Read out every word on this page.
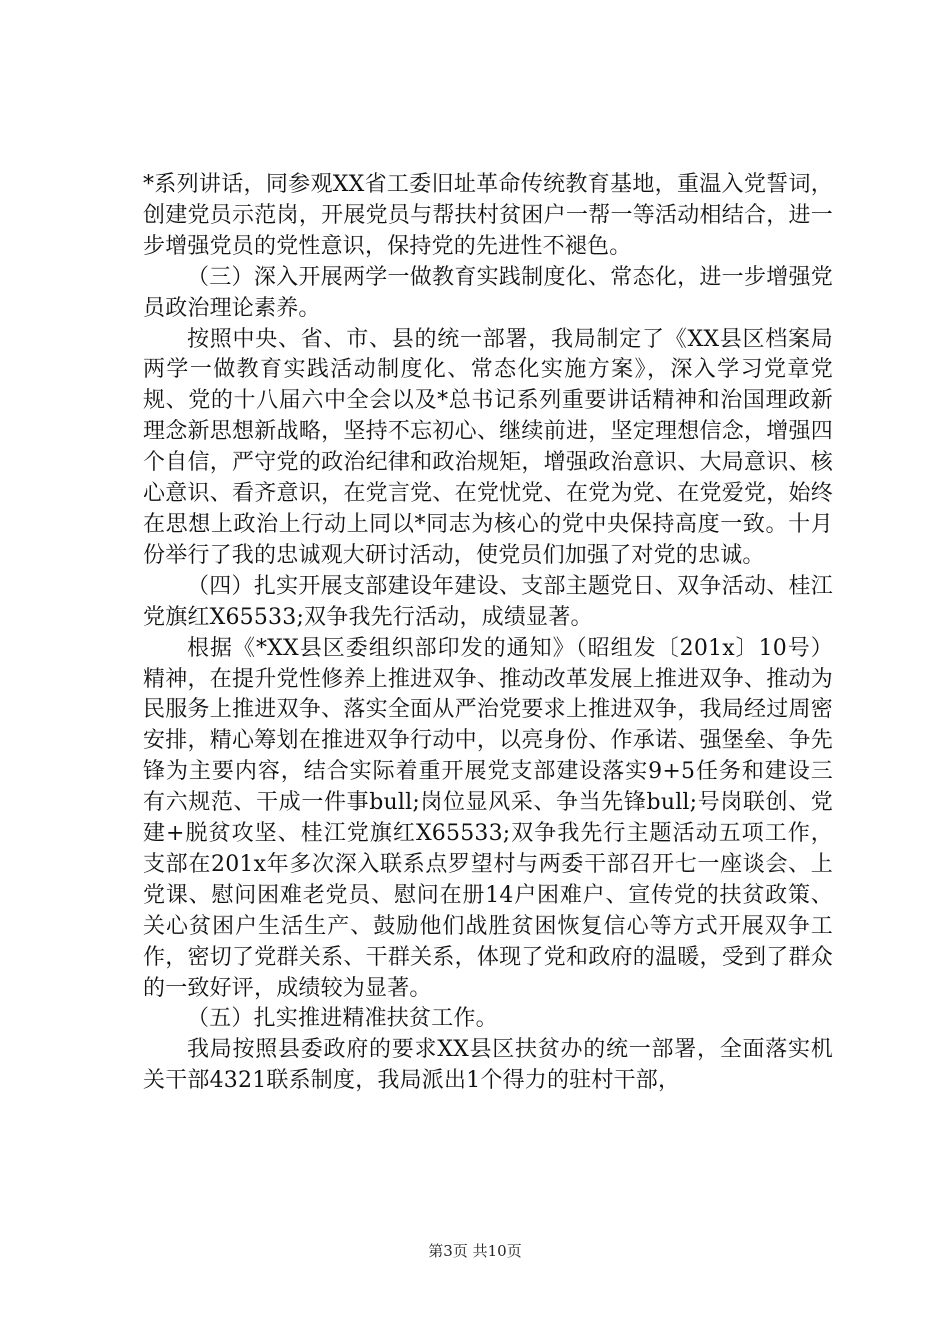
*系列讲话，同参观XX省工委旧址革命传统教育基地，重温入党誓词，创建党员示范岗，开展党员与帮扶村贫困户一帮一等活动相结合，进一步增强党员的党性意识，保持党的先进性不褪色。

（三）深入开展两学一做教育实践制度化、常态化，进一步增强党员政治理论素养。

按照中央、省、市、县的统一部署，我局制定了《XX县区档案局两学一做教育实践活动制度化、常态化实施方案》，深入学习党章党规、党的十八届六中全会以及*总书记系列重要讲话精神和治国理政新理念新思想新战略，坚持不忘初心、继续前进，坚定理想信念，增强四个自信，严守党的政治纪律和政治规矩，增强政治意识、大局意识、核心意识、看齐意识，在党言党、在党忧党、在党为党、在党爱党，始终在思想上政治上行动上同以*同志为核心的党中央保持高度一致。十月份举行了我的忠诚观大研讨活动，使党员们加强了对党的忠诚。

（四）扎实开展支部建设年建设、支部主题党日、双争活动、桂江党旗红X65533;双争我先行活动，成绩显著。

根据《*XX县区委组织部印发的通知》（昭组发〔201x〕10号）精神，在提升党性修养上推进双争、推动改革发展上推进双争、推动为民服务上推进双争、落实全面从严治党要求上推进双争，我局经过周密安排，精心筹划在推进双争行动中，以亮身份、作承诺、强堡垒、争先锋为主要内容，结合实际着重开展党支部建设落实9+5任务和建设三有六规范、干成一件事bull;岗位显风采、争当先锋bull;号岗联创、党建+脱贫攻坚、桂江党旗红X65533;双争我先行主题活动五项工作，支部在201x年多次深入联系点罗望村与两委干部召开七一座谈会、上党课、慰问困难老党员、慰问在册14户困难户、宣传党的扶贫政策、关心贫困户生活生产、鼓励他们战胜贫困恢复信心等方式开展双争工作，密切了党群关系、干群关系，体现了党和政府的温暖，受到了群众的一致好评，成绩较为显著。

（五）扎实推进精准扶贫工作。

我局按照县委政府的要求XX县区扶贫办的统一部署，全面落实机关干部4321联系制度，我局派出1个得力的驻村干部，

第3页 共10页
